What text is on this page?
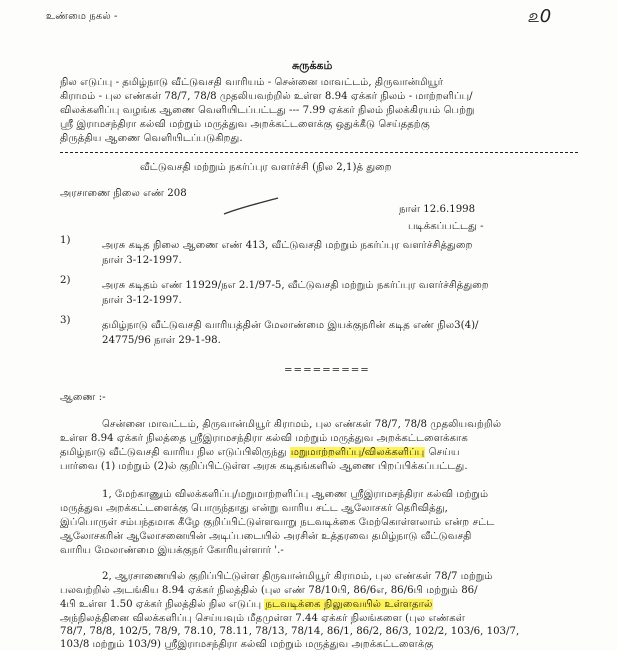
உண்மை நகல் -	௨0
சுருக்கம்
நில எடுப்பு - தமிழ்நாடு வீட்டுவசதி வாரியம் - சென்னை மாவட்டம், திருவான்மியூர்
கிராமம் - புல எண்கள் 78/7, 78/8 முதலியவற்றில் உள்ள 8.94 ஏக்கர் நிலம் - மாற்றளிப்பு/
விலக்களிப்பு வழங்க ஆணை வெளியிடப்பட்டது --- 7.99 ஏக்கர் நிலம் நிலக்கிரயம் பெற்று
ஸ்ரீ இராமசந்திரா கல்வி மற்றும் மருத்துவ அறக்கட்டளைக்கு ஒதுக்கீடு செய்ததற்கு
திருத்திய ஆணை வெளியிடப்படுகிறது.
வீட்டுவசதி மற்றும் நகர்ப்புர வளர்ச்சி (நில 2,1)த் துறை
அரசாணை நிலை எண் 208
நாள் 12.6.1998
படிக்கப்பட்டது -
1)	அரசு கடித நிலை ஆணை எண் 413, வீட்டுவசதி மற்றும் நகர்ப்புர வளர்ச்சித்துறை
நாள் 3-12-1997.
2)	அரசு கடிதம் எண் 11929/நஎ 2.1/97-5, வீட்டுவசதி மற்றும் நகர்ப்புர வளர்ச்சித்துறை
நாள் 3-12-1997.
3)	தமிழ்நாடு வீட்டுவசதி வாரியத்தின் மேலாண்மை இயக்குநரின் கடித எண் நில3(4)/
24775/96 நாள் 29-1-98.
=========
ஆணை :-
சென்னை மாவட்டம், திருவான்மியூர் கிராமம், புல எண்கள் 78/7, 78/8 முதலியவற்றில்
உள்ள 8.94 ஏக்கர் நிலத்தை ஸ்ரீஇராமசந்திரா கல்வி மற்றும் மருத்துவ அறக்கட்டளைக்காக
தமிழ்நாடு வீட்டுவசதி வாரிய நில எடுப்பிலிருந்து மறுமாற்றளிப்பு/விலக்களிப்பு செய்ய
பார்வை (1) மற்றும் (2)ல் குறிப்பிட்டுள்ள அரசு கடிதங்களில் ஆணை பிறப்பிக்கப்பட்டது.
1, மேற்காணும் விலக்களிப்பு/மறுமாற்றளிப்பு ஆணை ஸ்ரீஇராமசந்திரா கல்வி மற்றும்
மருத்துவ அறக்கட்டளைக்கு பொருந்தாது என்று வாரிய சட்ட ஆலோசகர் தெரிவித்து,
இப்பொருள் சம்பந்தமாக கீழே குறிப்பிட்டுள்ளவாறு நடவடிக்கை மேற்கொள்ளலாம் என்ற சட்ட
ஆலோசகரின் ஆலோசனையின் அடிப்படையில் அரசின் உத்தரவை தமிழ்நாடு வீட்டுவசதி
வாரிய மேலாண்மை இயக்குநர் கோரியுள்ளார் '.-
2, ஆரசாணையில் குறிப்பிட்டுள்ள திருவான்மியூர் கிராமம், புல எண்கள் 78/7 மற்றும்
பலவற்றில் அடங்கிய 8.94 ஏக்கர் நிலத்தில் (புல எண் 78/10பி, 86/6எ, 86/6பி மற்றும் 86/
4பி உள்ள 1.50 ஏக்கர் நிலத்தில் நில எடுப்பு நடவடிக்கை நிலுவையில் உள்ளதால்
அந்நிலத்தினை விலக்களிப்பு செய்யவும் மீதமுள்ள 7.44 ஏக்கர் நிலங்களை (புல எண்கள்
78/7, 78/8, 102/5, 78/9, 78.10, 78.11, 78/13, 78/14, 86/1, 86/2, 86/3, 102/2, 103/6, 103/7,
103/8 மற்றும் 103/9) ஸ்ரீஇராமசந்திரா கல்வி மற்றும் மருத்துவ அறக்கட்டளைக்கு
